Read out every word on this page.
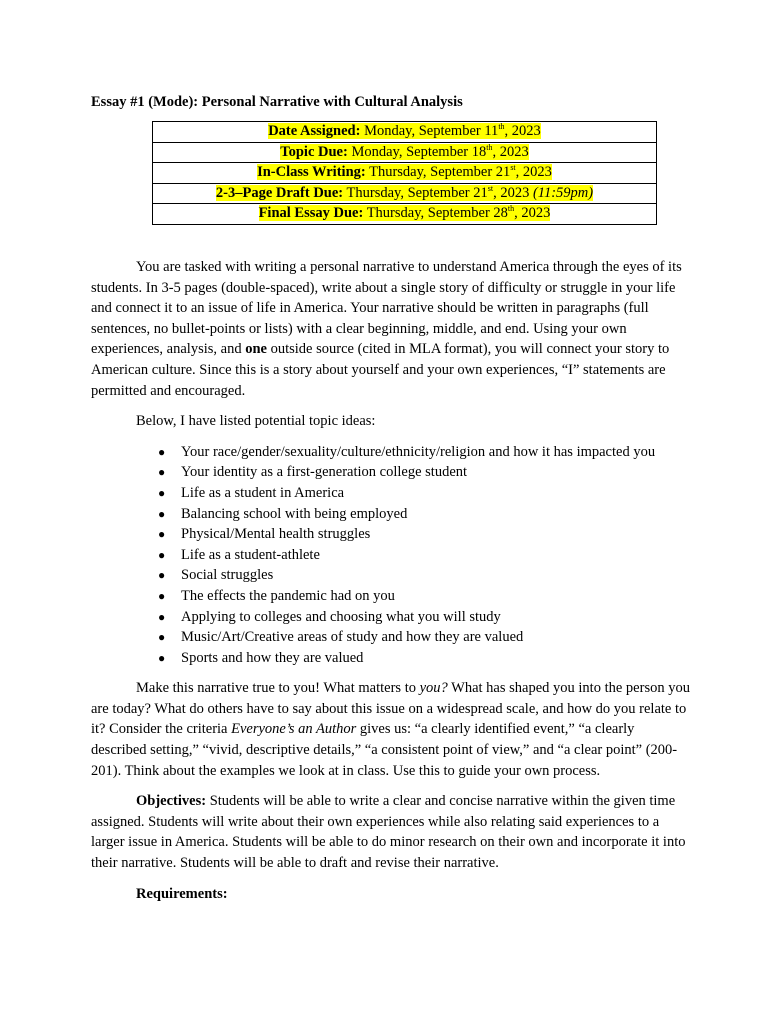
Essay #1 (Mode): Personal Narrative with Cultural Analysis
Date Assigned: Monday, September 11th, 2023
Topic Due: Monday, September 18th, 2023
In-Class Writing: Thursday, September 21st, 2023
2-3–Page Draft Due: Thursday, September 21st, 2023 (11:59pm)
Final Essay Due: Thursday, September 28th, 2023

You are tasked with writing a personal narrative to understand America through the eyes of its students. In 3-5 pages (double-spaced), write about a single story of difficulty or struggle in your life and connect it to an issue of life in America. Your narrative should be written in paragraphs (full sentences, no bullet-points or lists) with a clear beginning, middle, and end. Using your own experiences, analysis, and one outside source (cited in MLA format), you will connect your story to American culture. Since this is a story about yourself and your own experiences, “I” statements are permitted and encouraged.

Below, I have listed potential topic ideas:

● Your race/gender/sexuality/culture/ethnicity/religion and how it has impacted you
● Your identity as a first-generation college student
● Life as a student in America
● Balancing school with being employed
● Physical/Mental health struggles
● Life as a student-athlete
● Social struggles
● The effects the pandemic had on you
● Applying to colleges and choosing what you will study
● Music/Art/Creative areas of study and how they are valued
● Sports and how they are valued

Make this narrative true to you! What matters to you? What has shaped you into the person you are today? What do others have to say about this issue on a widespread scale, and how do you relate to it? Consider the criteria Everyone’s an Author gives us: “a clearly identified event,” “a clearly described setting,” “vivid, descriptive details,” “a consistent point of view,” and “a clear point” (200-201). Think about the examples we look at in class. Use this to guide your own process.

Objectives: Students will be able to write a clear and concise narrative within the given time assigned. Students will write about their own experiences while also relating said experiences to a larger issue in America. Students will be able to do minor research on their own and incorporate it into their narrative. Students will be able to draft and revise their narrative.

Requirements:
